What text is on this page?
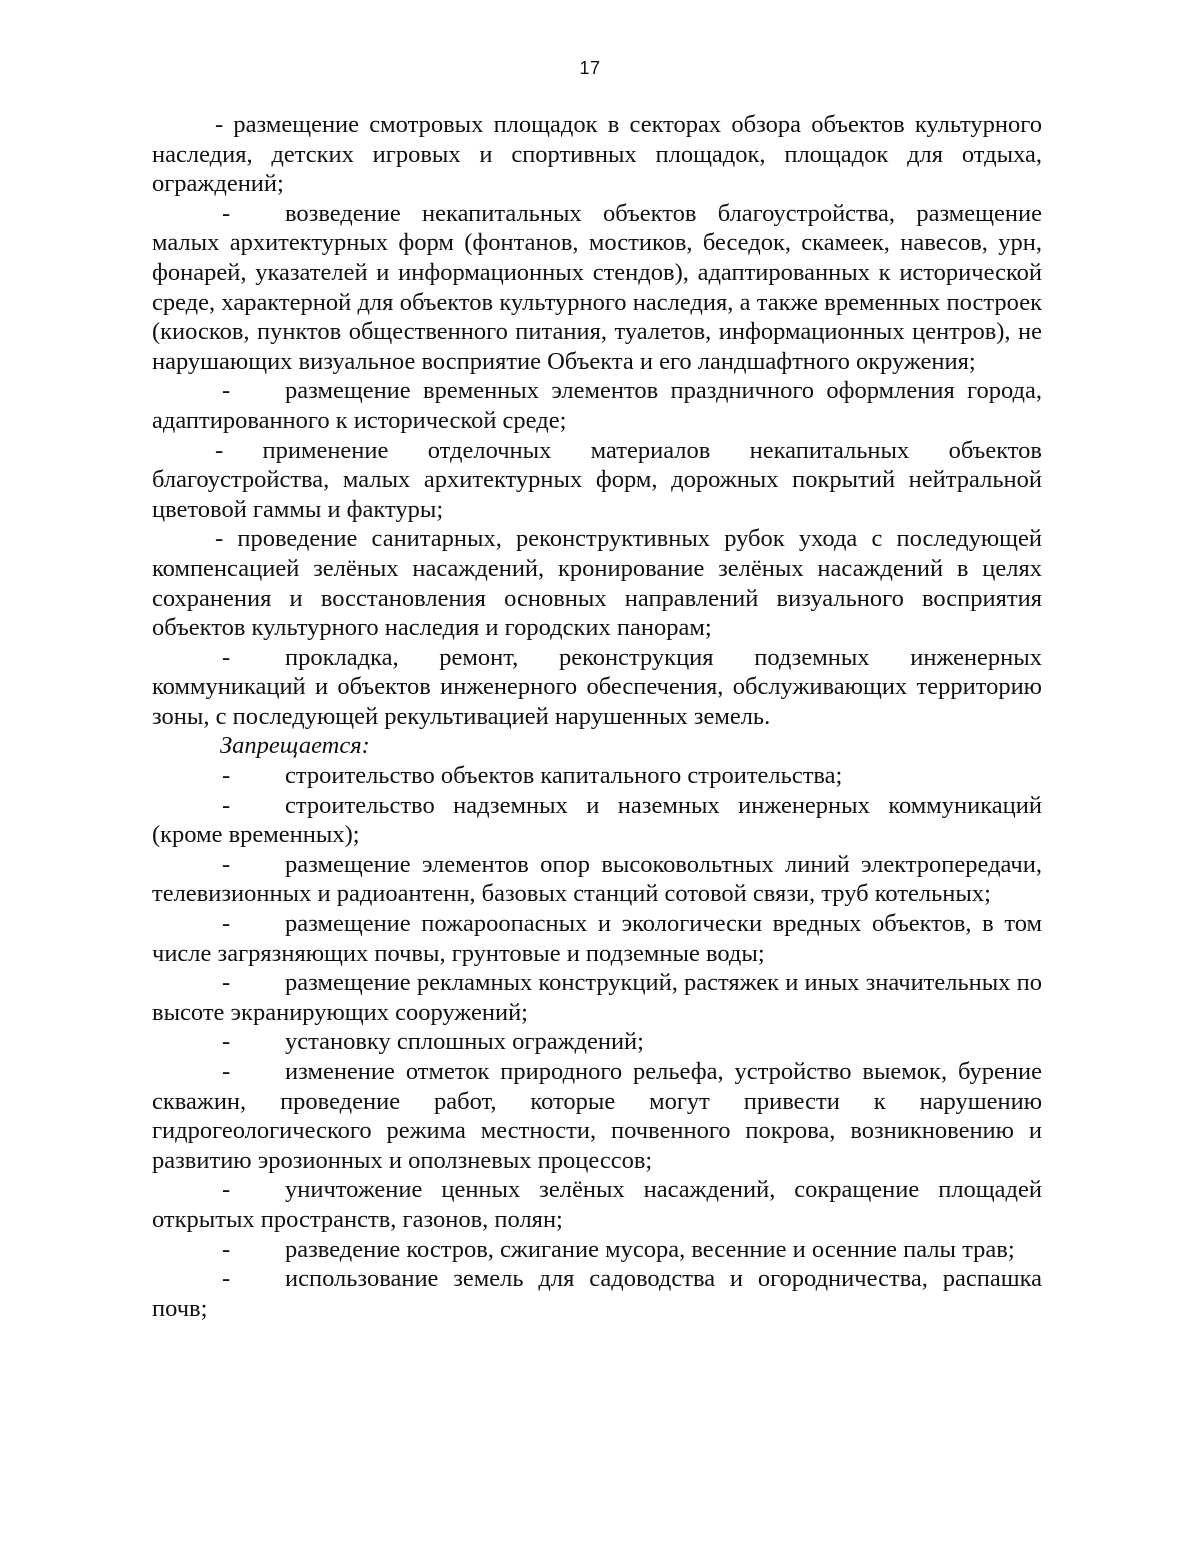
17

- размещение смотровых площадок в секторах обзора объектов культурного наследия, детских игровых и спортивных площадок, площадок для отдыха, ограждений;

- возведение некапитальных объектов благоустройства, размещение малых архитектурных форм (фонтанов, мостиков, беседок, скамеек, навесов, урн, фонарей, указателей и информационных стендов), адаптированных к исторической среде, характерной для объектов культурного наследия, а также временных построек (киосков, пунктов общественного питания, туалетов, информационных центров), не нарушающих визуальное восприятие Объекта и его ландшафтного окружения;

- размещение временных элементов праздничного оформления города, адаптированного к исторической среде;

- применение отделочных материалов некапитальных объектов благоустройства, малых архитектурных форм, дорожных покрытий нейтральной цветовой гаммы и фактуры;

- проведение санитарных, реконструктивных рубок ухода с последующей компенсацией зелёных насаждений, кронирование зелёных насаждений в целях сохранения и восстановления основных направлений визуального восприятия объектов культурного наследия и городских панорам;

- прокладка, ремонт, реконструкция подземных инженерных коммуникаций и объектов инженерного обеспечения, обслуживающих территорию зоны, с последующей рекультивацией нарушенных земель.

Запрещается:

- строительство объектов капитального строительства;

- строительство надземных и наземных инженерных коммуникаций (кроме временных);

- размещение элементов опор высоковольтных линий электропередачи, телевизионных и радиоантенн, базовых станций сотовой связи, труб котельных;

- размещение пожароопасных и экологически вредных объектов, в том числе загрязняющих почвы, грунтовые и подземные воды;

- размещение рекламных конструкций, растяжек и иных значительных по высоте экранирующих сооружений;

- установку сплошных ограждений;

- изменение отметок природного рельефа, устройство выемок, бурение скважин, проведение работ, которые могут привести к нарушению гидрогеологического режима местности, почвенного покрова, возникновению и развитию эрозионных и оползневых процессов;

- уничтожение ценных зелёных насаждений, сокращение площадей открытых пространств, газонов, полян;

- разведение костров, сжигание мусора, весенние и осенние палы трав;

- использование земель для садоводства и огородничества, распашка почв;
